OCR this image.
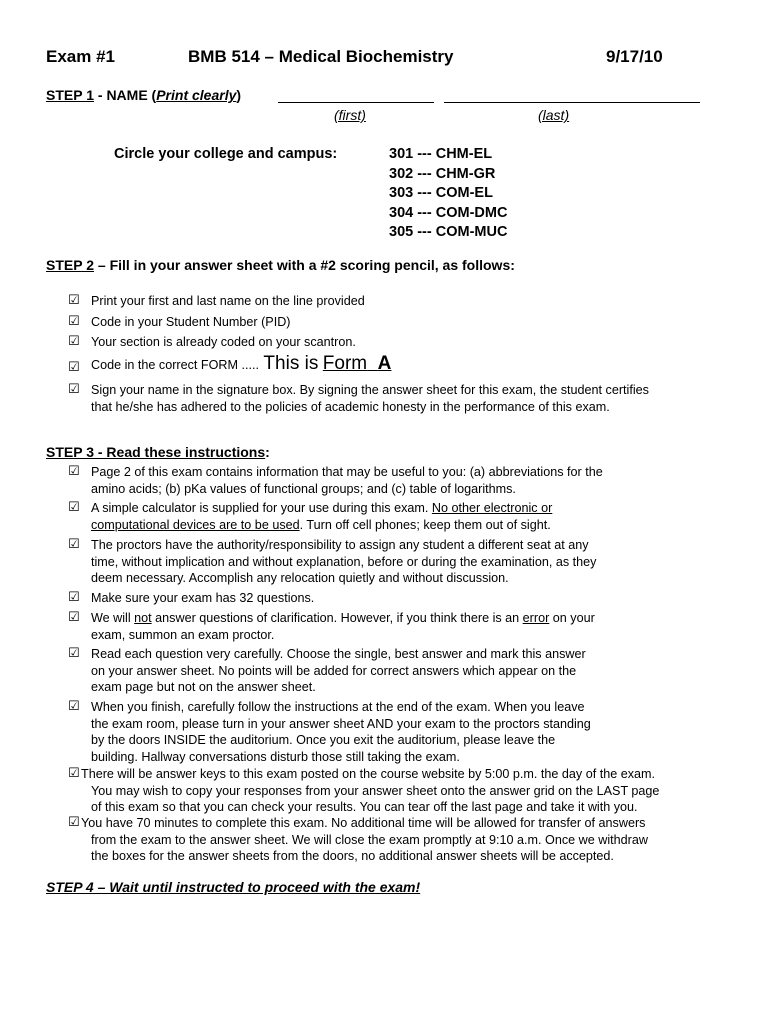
Exam #1	BMB 514 – Medical Biochemistry	9/17/10
STEP 1 - NAME (Print clearly)
(first)	(last)
Circle your college and campus:	301 --- CHM-EL
302 --- CHM-GR
303 --- COM-EL
304 --- COM-DMC
305 --- COM-MUC
STEP 2 – Fill in your answer sheet with a #2 scoring pencil, as follows:
☑ Print your first and last name on the line provided
☑ Code in your Student Number (PID)
☑ Your section is already coded on your scantron.
☑ Code in the correct FORM ..... This is Form A
☑ Sign your name in the signature box. By signing the answer sheet for this exam, the student certifies
that he/she has adhered to the policies of academic honesty in the performance of this exam.
STEP 3 - Read these instructions:
☑ Page 2 of this exam contains information that may be useful to you: (a) abbreviations for the
amino acids; (b) pKa values of functional groups; and (c) table of logarithms.
☑ A simple calculator is supplied for your use during this exam. No other electronic or
computational devices are to be used. Turn off cell phones; keep them out of sight.
☑ The proctors have the authority/responsibility to assign any student a different seat at any
time, without implication and without explanation, before or during the examination, as they
deem necessary. Accomplish any relocation quietly and without discussion.
☑ Make sure your exam has 32 questions.
☑ We will not answer questions of clarification. However, if you think there is an error on your
exam, summon an exam proctor.
☑ Read each question very carefully. Choose the single, best answer and mark this answer
on your answer sheet. No points will be added for correct answers which appear on the
exam page but not on the answer sheet.
☑ When you finish, carefully follow the instructions at the end of the exam. When you leave
the exam room, please turn in your answer sheet AND your exam to the proctors standing
by the doors INSIDE the auditorium. Once you exit the auditorium, please leave the
building. Hallway conversations disturb those still taking the exam.
☑ There will be answer keys to this exam posted on the course website by 5:00 p.m. the day of the exam.
You may wish to copy your responses from your answer sheet onto the answer grid on the LAST page
of this exam so that you can check your results. You can tear off the last page and take it with you.
☑ You have 70 minutes to complete this exam. No additional time will be allowed for transfer of answers
from the exam to the answer sheet. We will close the exam promptly at 9:10 a.m. Once we withdraw
the boxes for the answer sheets from the doors, no additional answer sheets will be accepted.
STEP 4 – Wait until instructed to proceed with the exam!
